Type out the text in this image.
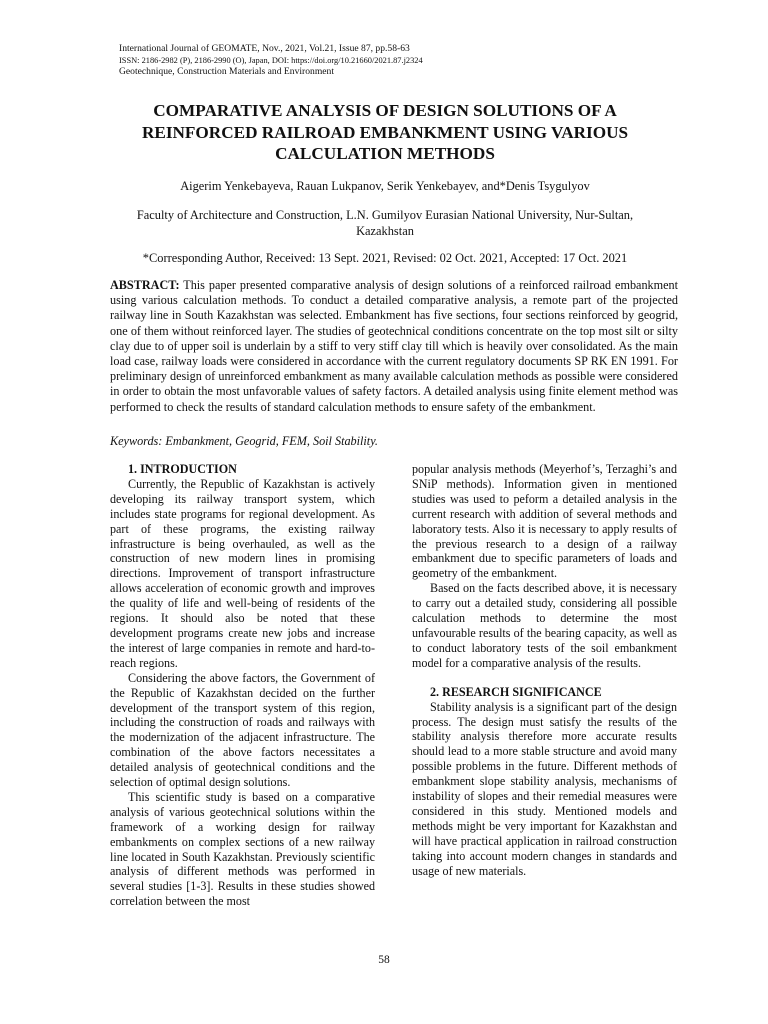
International Journal of GEOMATE, Nov., 2021, Vol.21, Issue 87, pp.58-63
ISSN: 2186-2982 (P), 2186-2990 (O), Japan, DOI: https://doi.org/10.21660/2021.87.j2324
Geotechnique, Construction Materials and Environment
COMPARATIVE ANALYSIS OF DESIGN SOLUTIONS OF A REINFORCED RAILROAD EMBANKMENT USING VARIOUS CALCULATION METHODS
Aigerim Yenkebayeva, Rauan Lukpanov, Serik Yenkebayev, and*Denis Tsygulyov
Faculty of Architecture and Construction, L.N. Gumilyov Eurasian National University, Nur-Sultan, Kazakhstan
*Corresponding Author, Received: 13 Sept. 2021, Revised: 02 Oct. 2021, Accepted: 17 Oct. 2021
ABSTRACT: This paper presented comparative analysis of design solutions of a reinforced railroad embankment using various calculation methods. To conduct a detailed comparative analysis, a remote part of the projected railway line in South Kazakhstan was selected. Embankment has five sections, four sections reinforced by geogrid, one of them without reinforced layer. The studies of geotechnical conditions concentrate on the top most silt or silty clay due to of upper soil is underlain by a stiff to very stiff clay till which is heavily over consolidated. As the main load case, railway loads were considered in accordance with the current regulatory documents SP RK EN 1991. For preliminary design of unreinforced embankment as many available calculation methods as possible were considered in order to obtain the most unfavorable values of safety factors. A detailed analysis using finite element method was performed to check the results of standard calculation methods to ensure safety of the embankment.
Keywords: Embankment, Geogrid, FEM, Soil Stability.

1. INTRODUCTION

Currently, the Republic of Kazakhstan is actively developing its railway transport system, which includes state programs for regional development. As part of these programs, the existing railway infrastructure is being overhauled, as well as the construction of new modern lines in promising directions. Improvement of transport infrastructure allows acceleration of economic growth and improves the quality of life and well-being of residents of the regions. It should also be noted that these development programs create new jobs and increase the interest of large companies in remote and hard-to-reach regions.

Considering the above factors, the Government of the Republic of Kazakhstan decided on the further development of the transport system of this region, including the construction of roads and railways with the modernization of the adjacent infrastructure. The combination of the above factors necessitates a detailed analysis of geotechnical conditions and the selection of optimal design solutions.

This scientific study is based on a comparative analysis of various geotechnical solutions within the framework of a working design for railway embankments on complex sections of a new railway line located in South Kazakhstan. Previously scientific analysis of different methods was performed in several studies [1-3]. Results in these studies showed correlation between the most

popular analysis methods (Meyerhof’s, Terzaghi’s and SNiP methods). Information given in mentioned studies was used to peform a detailed analysis in the current research with addition of several methods and laboratory tests. Also it is necessary to apply results of the previous research to a design of a railway embankment due to specific parameters of loads and geometry of the embankment.

Based on the facts described above, it is necessary to carry out a detailed study, considering all possible calculation methods to determine the most unfavourable results of the bearing capacity, as well as to conduct laboratory tests of the soil embankment model for a comparative analysis of the results.

2. RESEARCH SIGNIFICANCE

Stability analysis is a significant part of the design process. The design must satisfy the results of the stability analysis therefore more accurate results should lead to a more stable structure and avoid many possible problems in the future. Different methods of embankment slope stability analysis, mechanisms of instability of slopes and their remedial measures were considered in this study. Mentioned models and methods might be very important for Kazakhstan and will have practical application in railroad construction taking into account modern changes in standards and usage of new materials.

58
